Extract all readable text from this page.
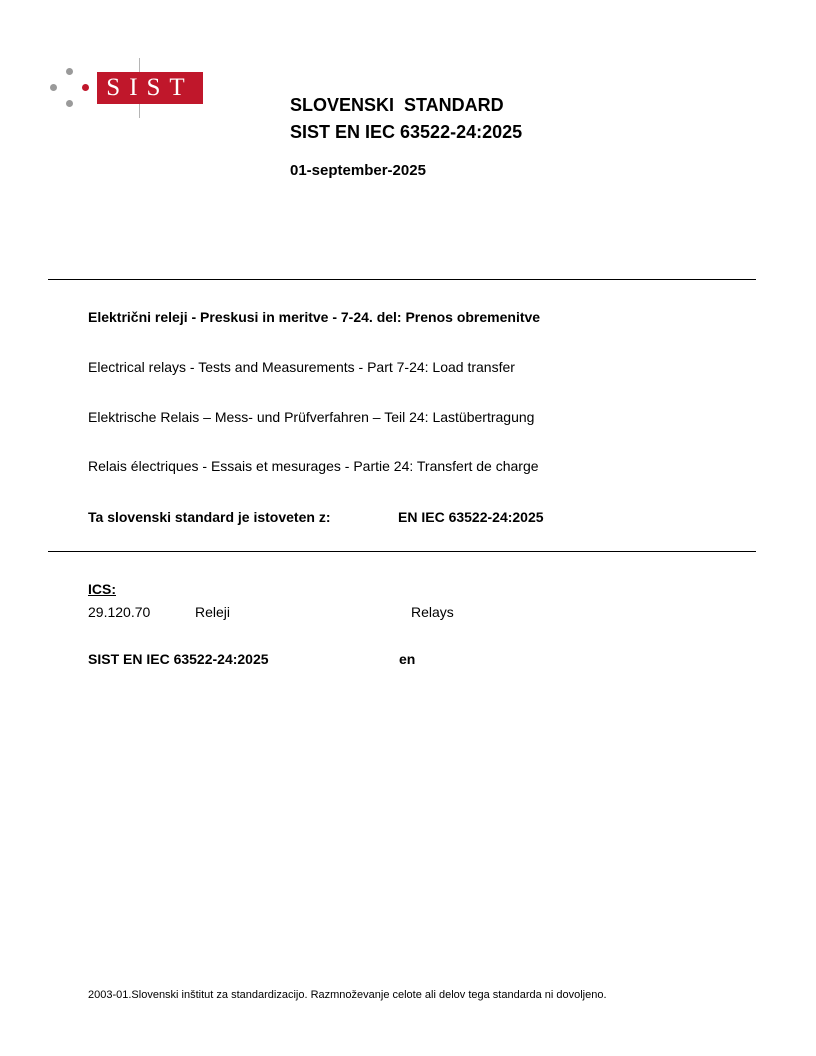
SIST
SLOVENSKI  STANDARD
SIST EN IEC 63522-24:2025
01-september-2025
Električni releji - Preskusi in meritve - 7-24. del: Prenos obremenitve
Electrical relays - Tests and Measurements - Part 7-24: Load transfer
Elektrische Relais – Mess- und Prüfverfahren – Teil 24: Lastübertragung
Relais électriques - Essais et mesurages - Partie 24: Transfert de charge
Ta slovenski standard je istoveten z:	EN IEC 63522-24:2025
ICS:
29.120.70	Releji	Relays
SIST EN IEC 63522-24:2025	en
2003-01.Slovenski inštitut za standardizacijo. Razmnoževanje celote ali delov tega standarda ni dovoljeno.
